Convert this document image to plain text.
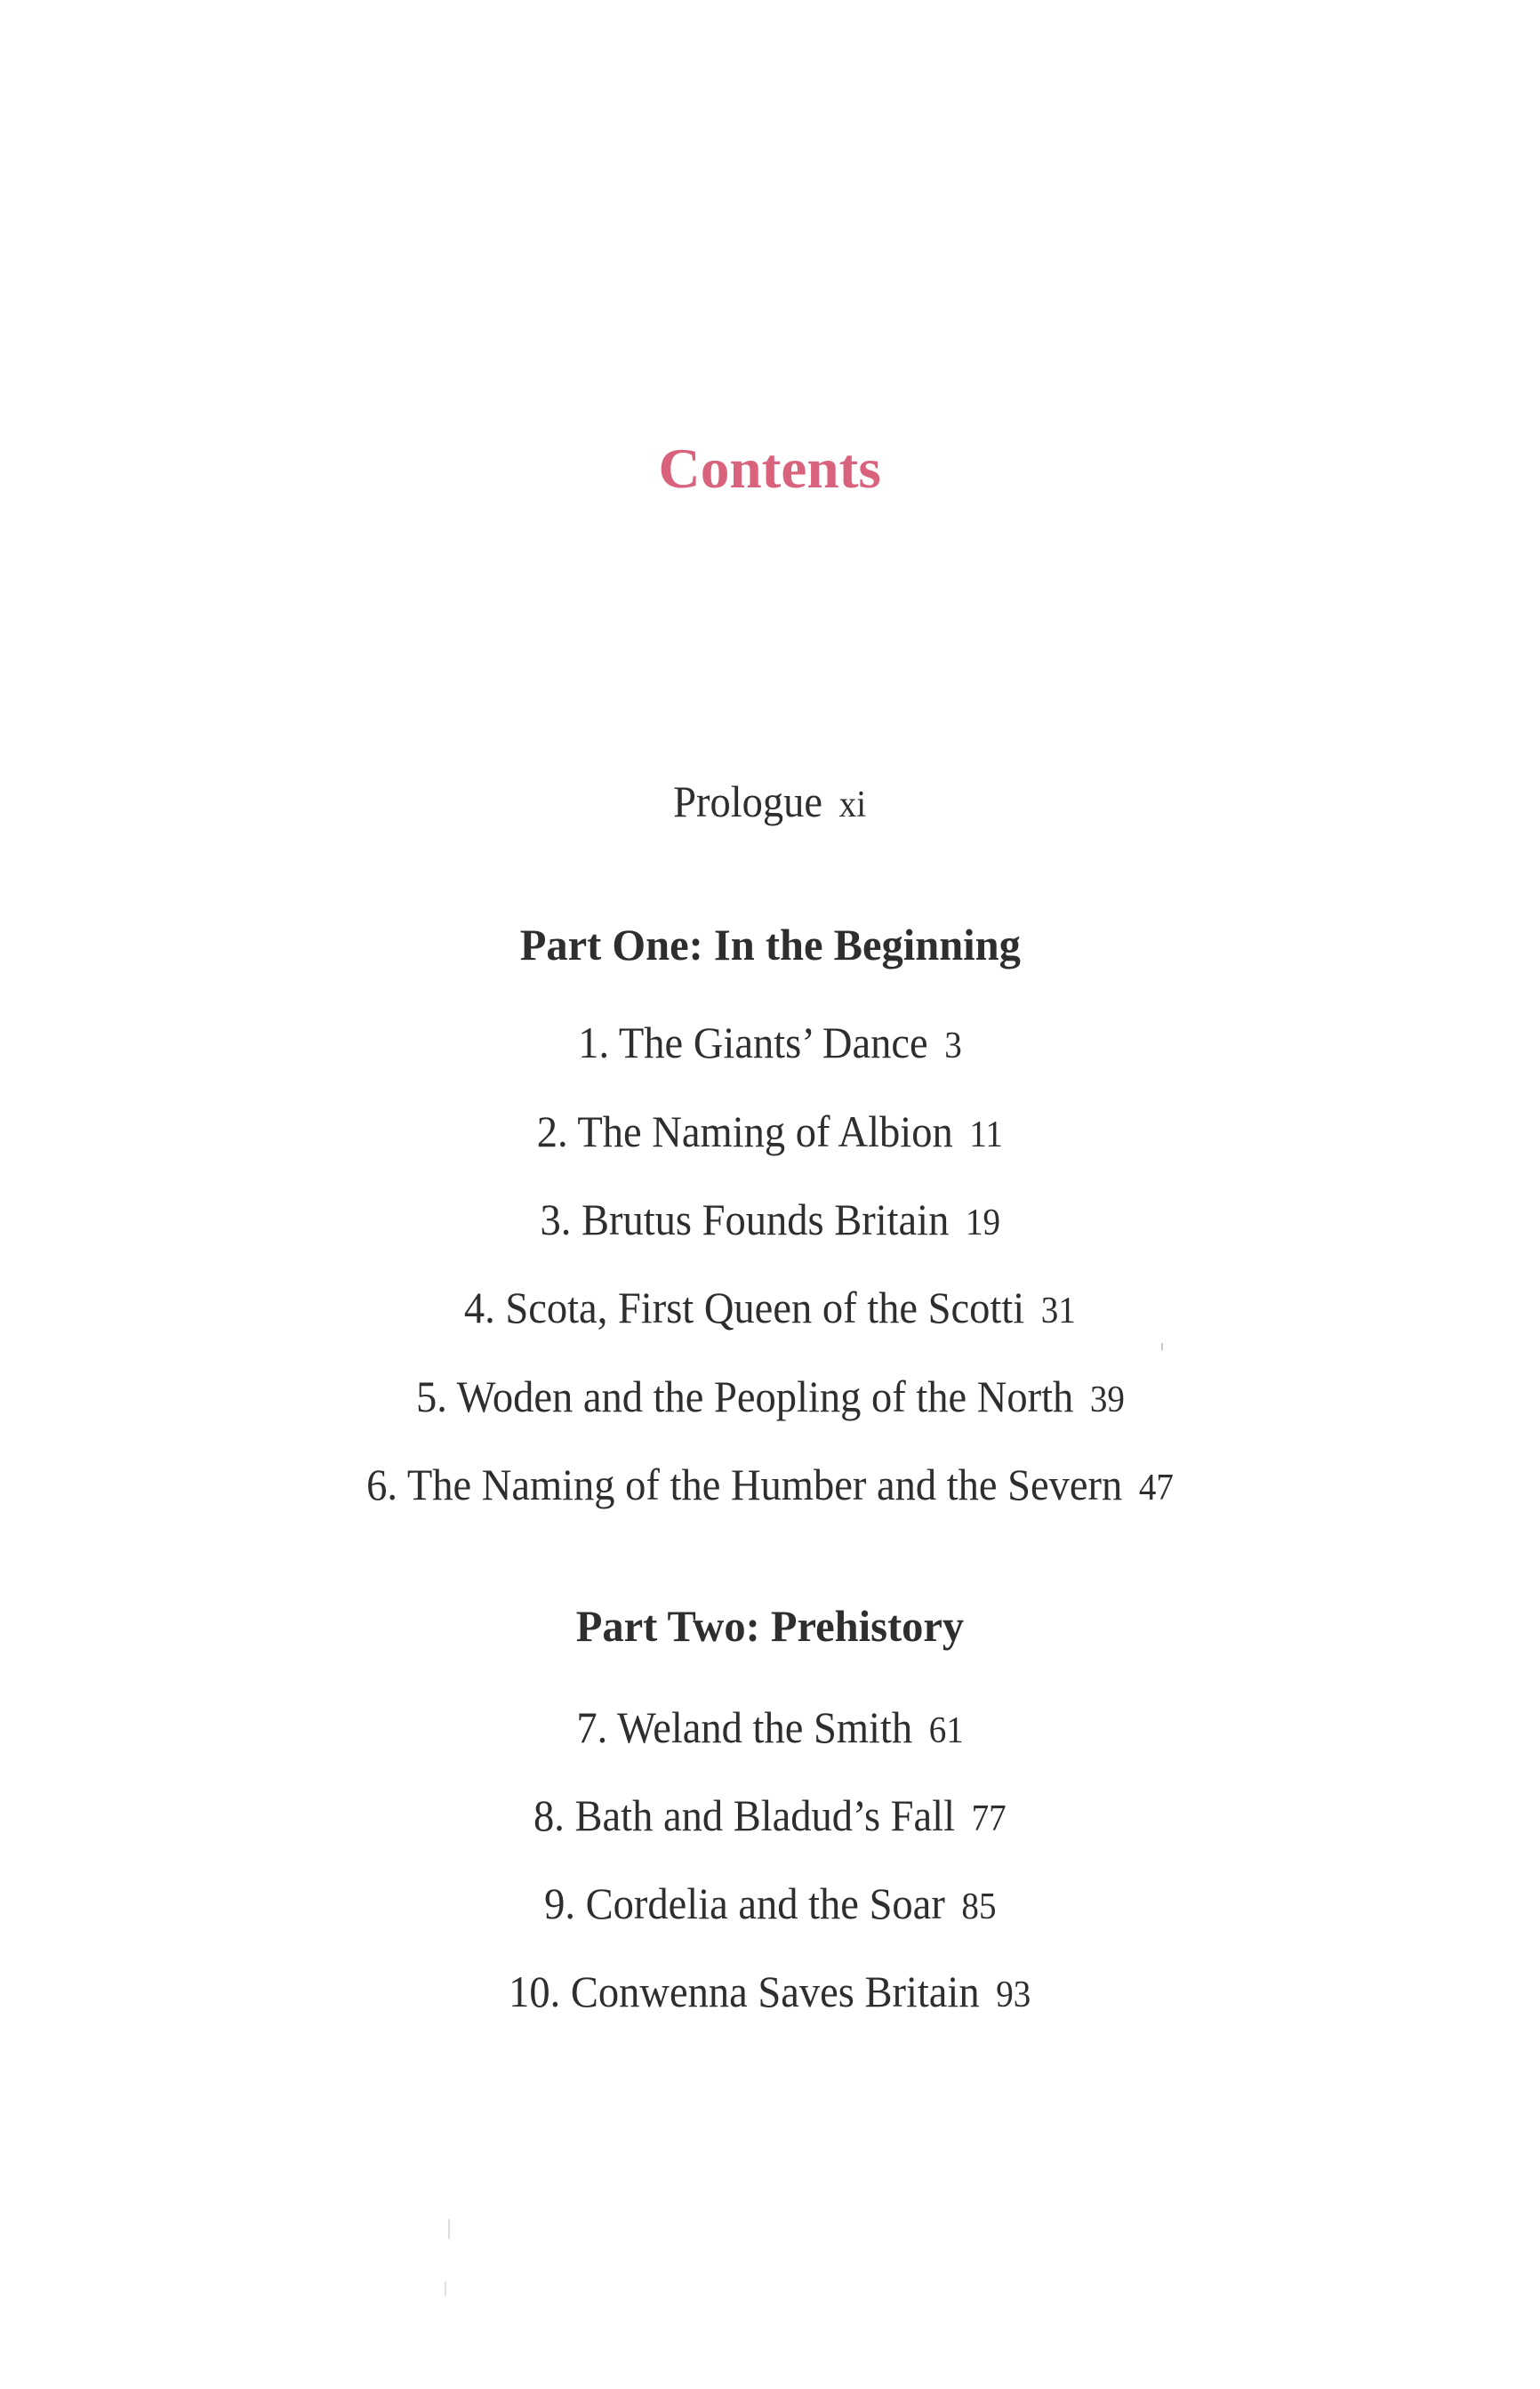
Contents
Prologue xi
Part One: In the Beginning
1. The Giants’ Dance 3
2. The Naming of Albion 11
3. Brutus Founds Britain 19
4. Scota, First Queen of the Scotti 31
5. Woden and the Peopling of the North 39
6. The Naming of the Humber and the Severn 47
Part Two: Prehistory
7. Weland the Smith 61
8. Bath and Bladud’s Fall 77
9. Cordelia and the Soar 85
10. Conwenna Saves Britain 93
